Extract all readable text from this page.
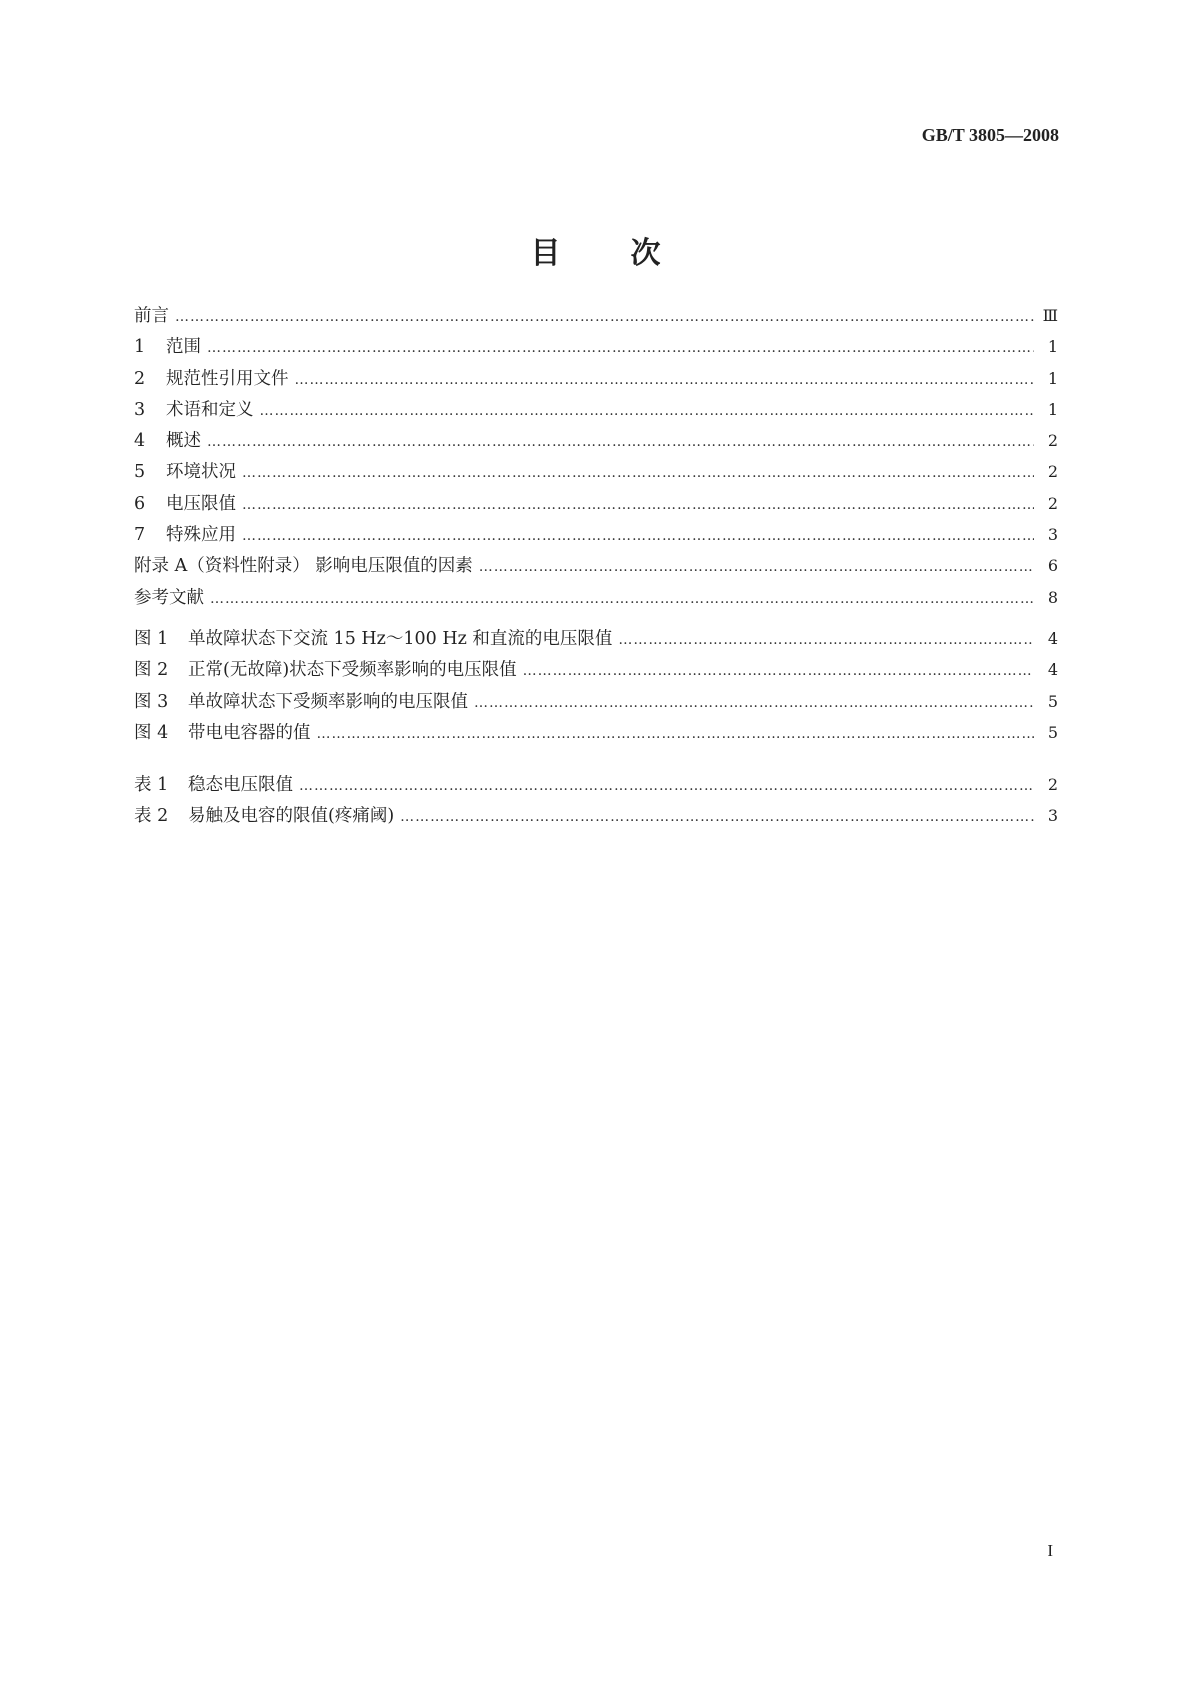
GB/T 3805—2008
目次
前言 …………………………………………………………………………………………………………………………………………………………………………………………………………………………………………………………………………………………	Ⅲ
1	范围 …………………………………………………………………………………………………………………………………………………………………………………………………………………………………………………………………………………………	1
2	规范性引用文件 …………………………………………………………………………………………………………………………………………………………………………………………………………………………………………………………………………………………	1
3	术语和定义 …………………………………………………………………………………………………………………………………………………………………………………………………………………………………………………………………………………………	1
4	概述 …………………………………………………………………………………………………………………………………………………………………………………………………………………………………………………………………………………………	2
5	环境状况 …………………………………………………………………………………………………………………………………………………………………………………………………………………………………………………………………………………………	2
6	电压限值 …………………………………………………………………………………………………………………………………………………………………………………………………………………………………………………………………………………………	2
7	特殊应用 …………………………………………………………………………………………………………………………………………………………………………………………………………………………………………………………………………………………	3
附录 A（资料性附录） 影响电压限值的因素 …………………………………………………………………………………………………………………………………………………………………………………………………………………………………………………………………………………………	6
参考文献 …………………………………………………………………………………………………………………………………………………………………………………………………………………………………………………………………………………………	8
图 1	单故障状态下交流 15 Hz～100 Hz 和直流的电压限值 …………………………………………………………………………………………………………………………………………………………………………………………………………………………………………………………………………………………	4
图 2	正常(无故障)状态下受频率影响的电压限值 …………………………………………………………………………………………………………………………………………………………………………………………………………………………………………………………………………………………	4
图 3	单故障状态下受频率影响的电压限值 …………………………………………………………………………………………………………………………………………………………………………………………………………………………………………………………………………………………	5
图 4	带电电容器的值 …………………………………………………………………………………………………………………………………………………………………………………………………………………………………………………………………………………………	5
表 1	稳态电压限值 …………………………………………………………………………………………………………………………………………………………………………………………………………………………………………………………………………………………	2
表 2	易触及电容的限值(疼痛阈) …………………………………………………………………………………………………………………………………………………………………………………………………………………………………………………………………………………………	3
I
